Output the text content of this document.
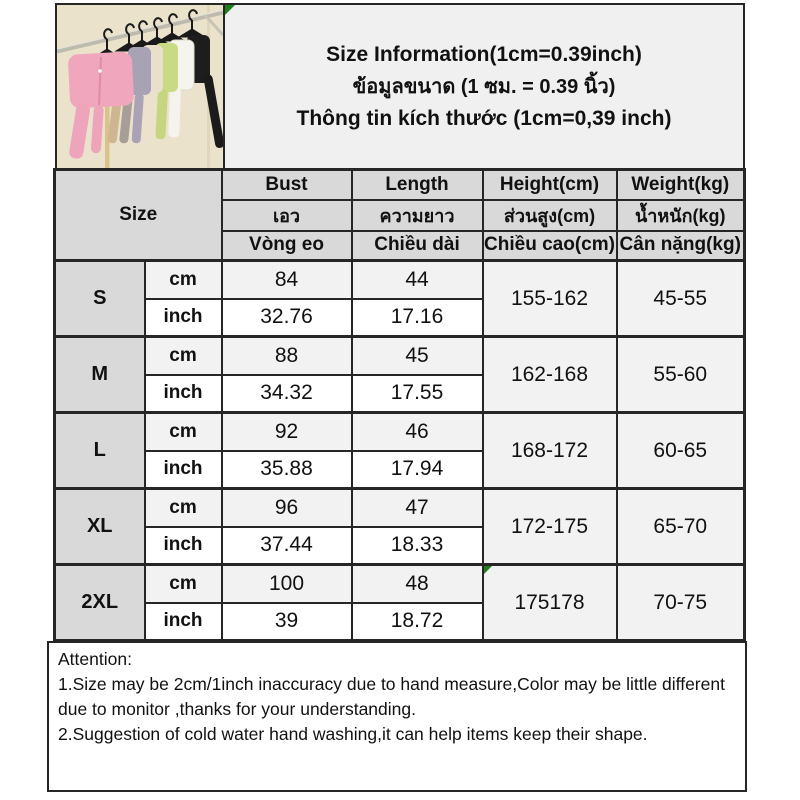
Size Information(1cm=0.39inch)
ข้อมูลขนาด (1 ซม. = 0.39 นิ้ว)
Thông tin kích thước (1cm=0,39 inch)
Size		Bust	Length	Height(cm)	Weight(kg)
		เอว	ความยาว	ส่วนสูง(cm)	น้ำหนัก(kg)
		Vòng eo	Chiều dài	Chiều cao(cm)	Cân nặng(kg)
S	cm	84	44	155-162	45-55
	inch	32.76	17.16		
M	cm	88	45	162-168	55-60
	inch	34.32	17.55		
L	cm	92	46	168-172	60-65
	inch	35.88	17.94		
XL	cm	96	47	172-175	65-70
	inch	37.44	18.33		
2XL	cm	100	48	175178	70-75
	inch	39	18.72		
Attention:
1.Size may be 2cm/1inch inaccuracy due to hand measure,Color may be little different due to monitor ,thanks for your understanding.
2.Suggestion of cold water hand washing,it can help items keep their shape.
